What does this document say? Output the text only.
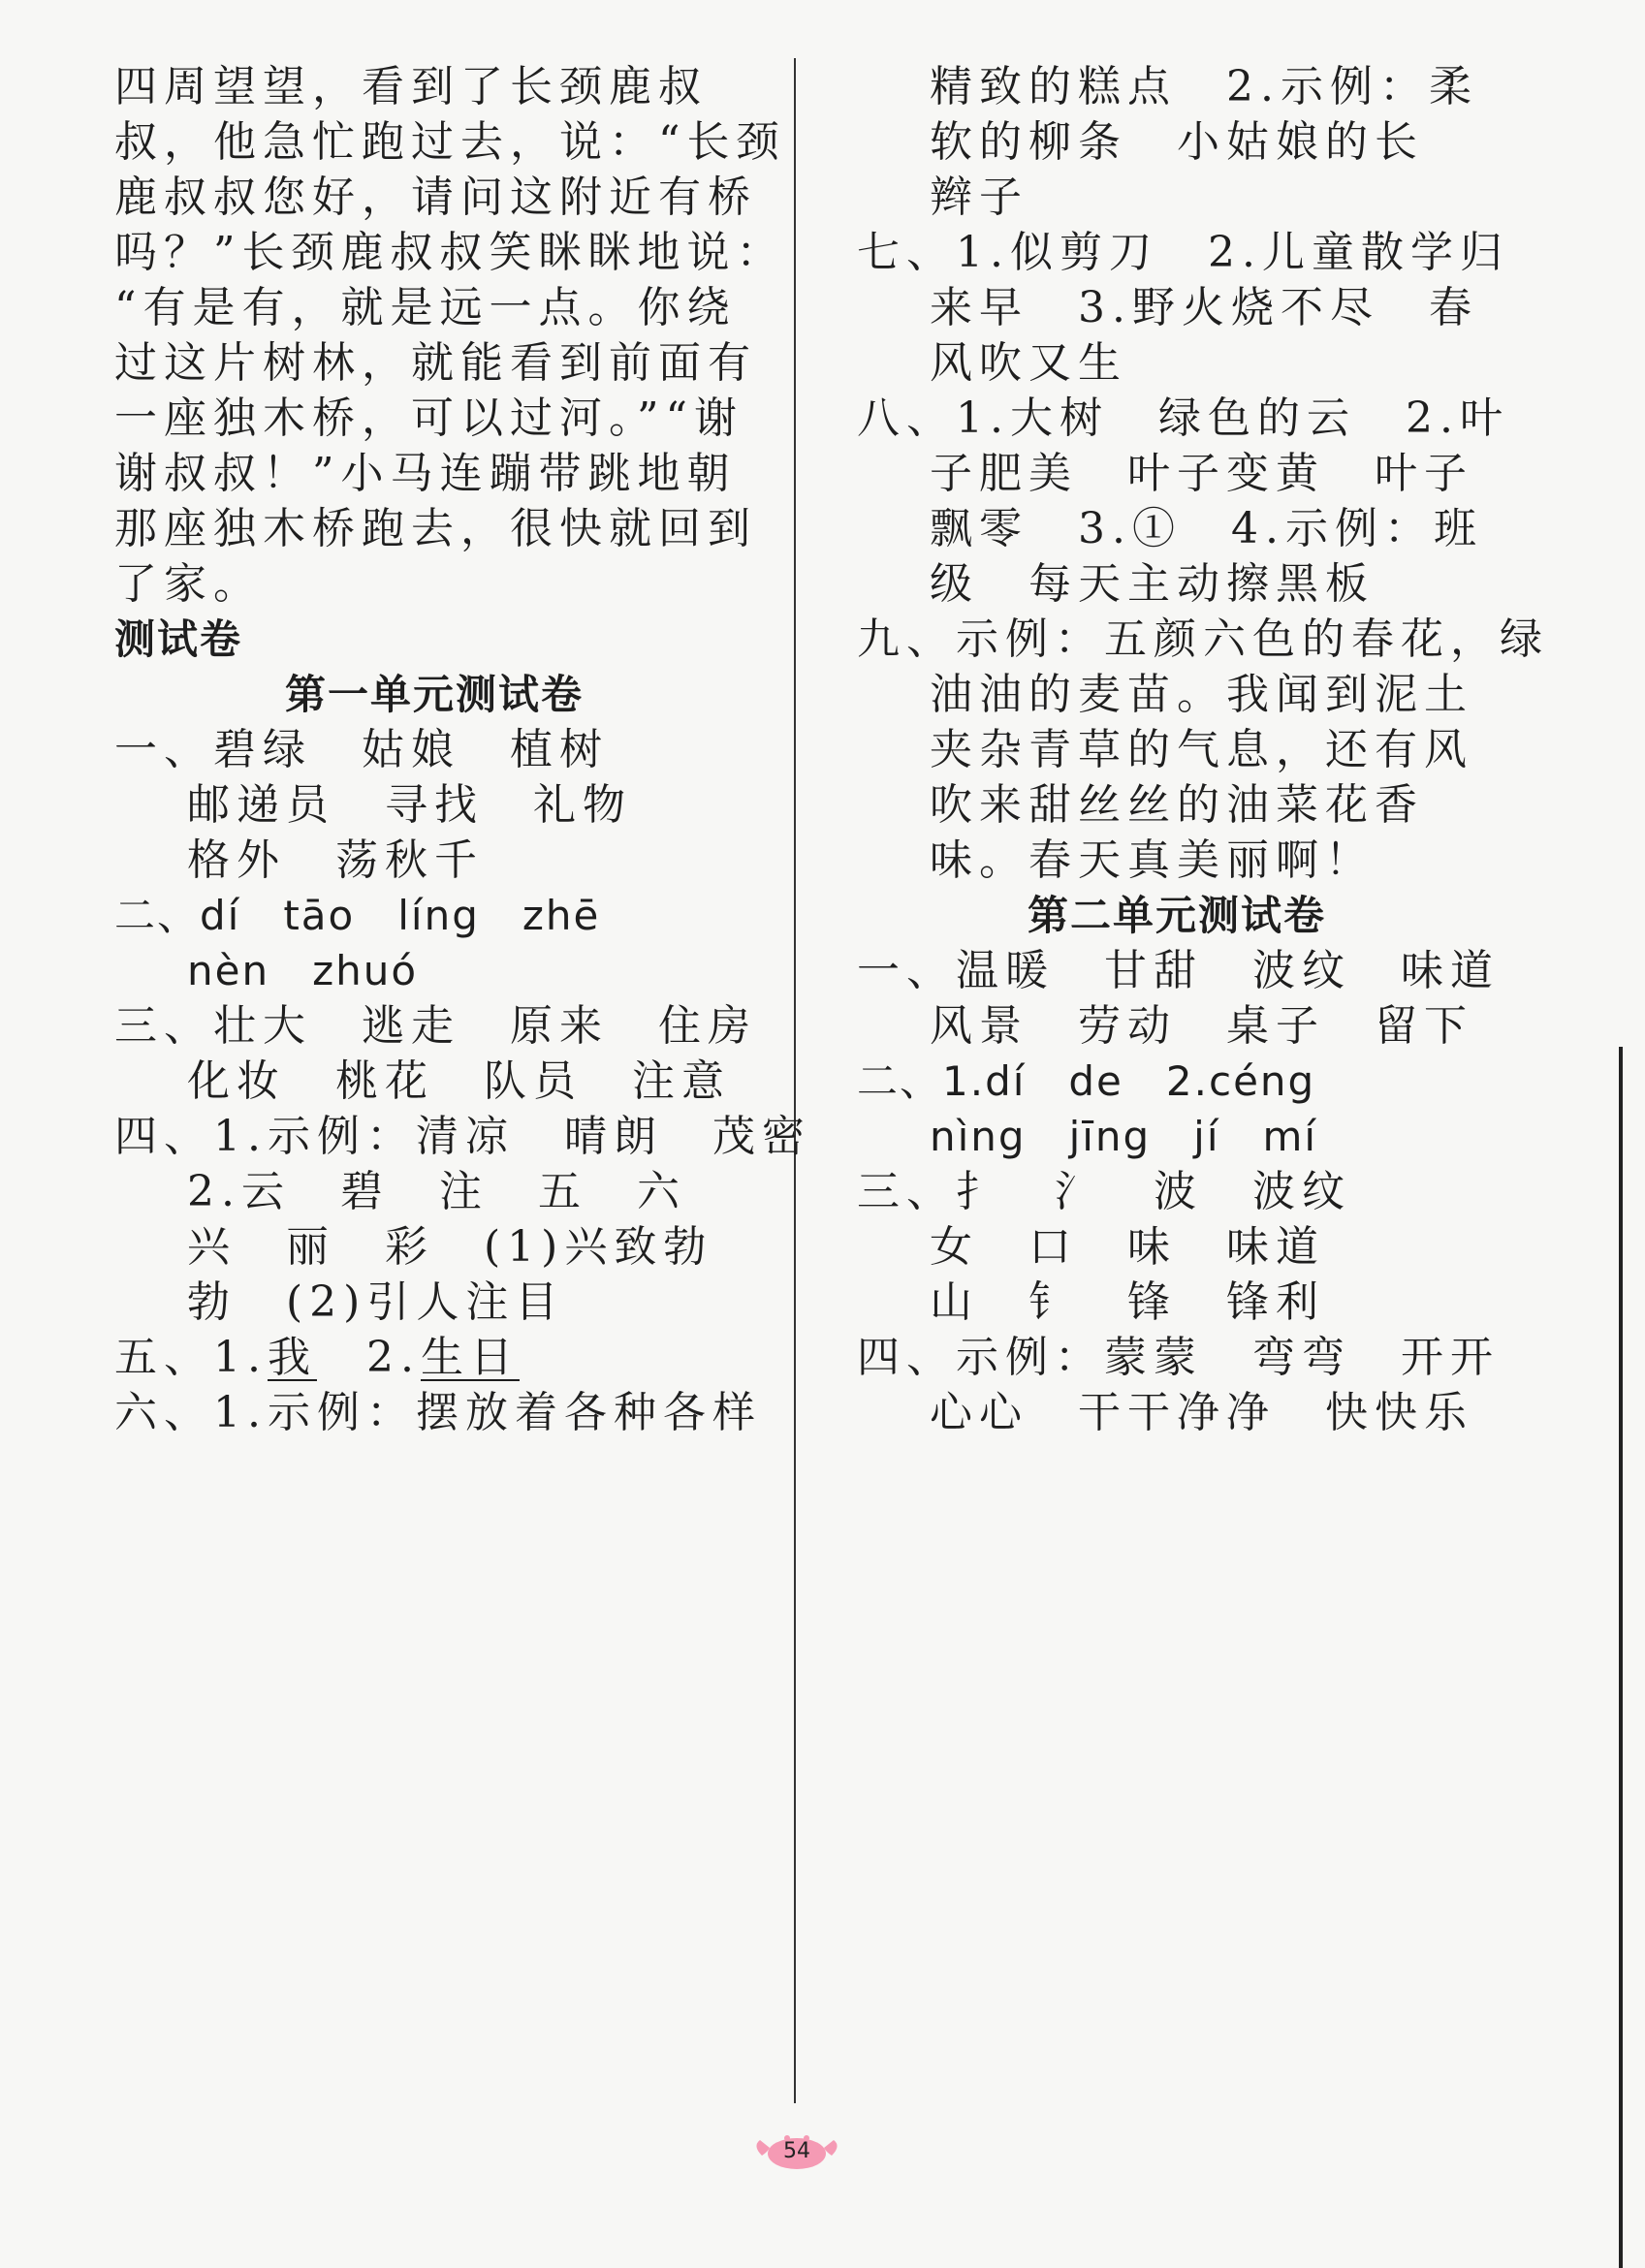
四周望望，看到了长颈鹿叔
叔，他急忙跑过去，说：“长颈
鹿叔叔您好，请问这附近有桥
吗？”长颈鹿叔叔笑眯眯地说：
“有是有，就是远一点。你绕
过这片树林，就能看到前面有
一座独木桥，可以过河。”“谢
谢叔叔！”小马连蹦带跳地朝
那座独木桥跑去，很快就回到
了家。
测试卷
第一单元测试卷
一、碧绿　姑娘　植树
邮递员　寻找　礼物
格外　荡秋千
二、dí　tāo　líng　zhē
nèn　zhuó
三、壮大　逃走　原来　住房
化妆　桃花　队员　注意
四、1.示例：清凉　晴朗　茂密
2.云　碧　注　五　六
兴　丽　彩　(1)兴致勃
勃　(2)引人注目
五、1.我　2.生日
六、1.示例：摆放着各种各样
精致的糕点　2.示例：柔
软的柳条　小姑娘的长
辫子
七、1.似剪刀　2.儿童散学归
来早　3.野火烧不尽　春
风吹又生
八、1.大树　绿色的云　2.叶
子肥美　叶子变黄　叶子
飘零　3.①　4.示例：班
级　每天主动擦黑板
九、示例：五颜六色的春花，绿
油油的麦苗。我闻到泥土
夹杂青草的气息，还有风
吹来甜丝丝的油菜花香
味。春天真美丽啊！
第二单元测试卷
一、温暖　甘甜　波纹　味道
风景　劳动　桌子　留下
二、1.dí　de　2.céng
nìng　jīng　jí　mí
三、扌　氵　波　波纹
女　口　味　味道
山　钅　锋　锋利
四、示例：蒙蒙　弯弯　开开
心心　干干净净　快快乐
54
